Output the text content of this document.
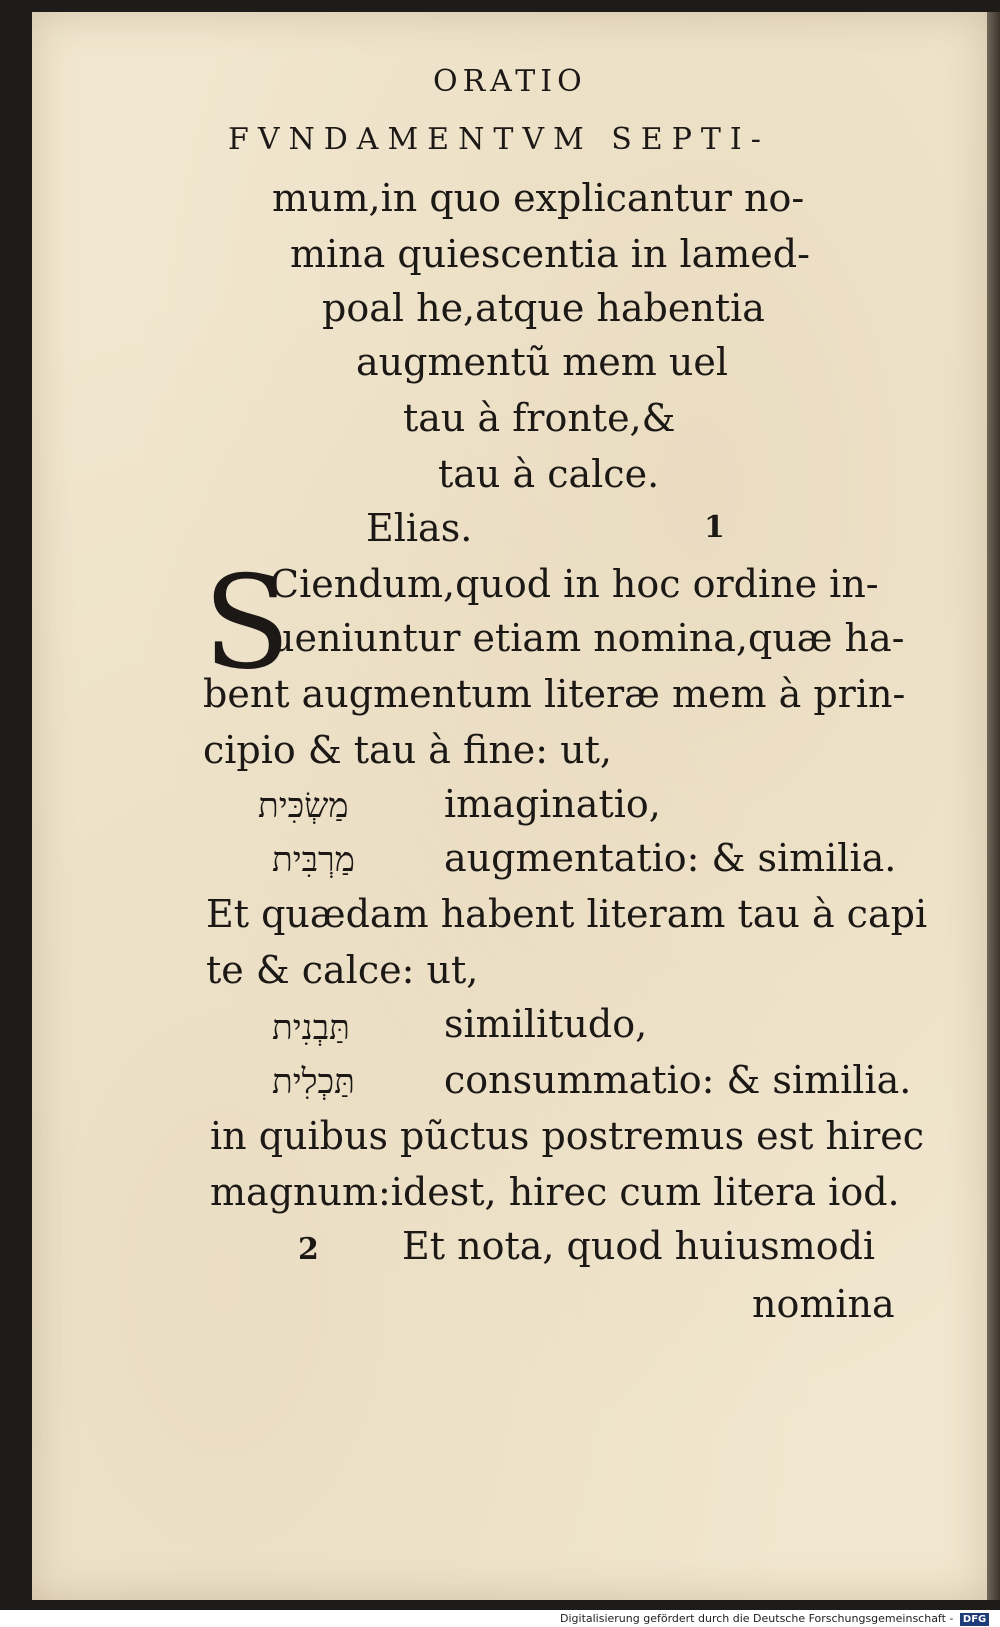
ORATIO
FVNDAMENTVM SEPTI-
mum,in quo explicantur no-
mina quiescentia in lamed-
poal he,atque habentia
augmentũ mem uel
tau à fronte,&
tau à calce.
Elias.	1
S
Ciendum,quod in hoc ordine in-
ueniuntur etiam nomina,quæ ha-
bent augmentum literæ mem à prin-
cipio & tau à fine: ut,
מַשְׂכִּית	imaginatio,
מַרְבִּית augmentatio: & similia.
Et quædam habent literam tau à capi
te & calce: ut,
תַּבְנִית similitudo,
תַּכְלִית consummatio: & similia.
in quibus pũctus postremus est hirec
magnum:idest, hirec cum litera iod.
2 Et nota, quod huiusmodi
nomina
Digitalisierung gefördert durch die Deutsche Forschungsgemeinschaft - DFG
